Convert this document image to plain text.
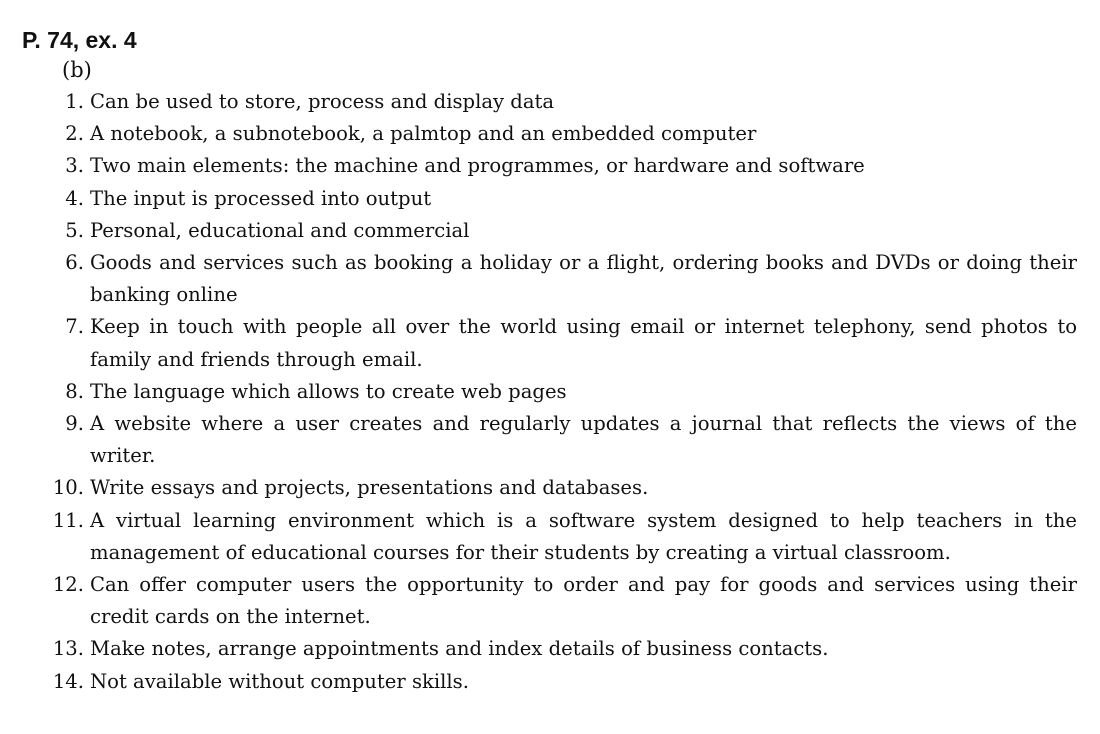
P. 74, ex. 4
(b)
1. Can be used to store, process and display data
2. A notebook, a subnotebook, a palmtop and an embedded computer
3. Two main elements: the machine and programmes, or hardware and software
4. The input is processed into output
5. Personal, educational and commercial
6. Goods and services such as booking a holiday or a flight, ordering books and DVDs or doing their banking online
7. Keep in touch with people all over the world using email or internet telephony, send photos to family and friends through email.
8. The language which allows to create web pages
9. A website where a user creates and regularly updates a journal that reflects the views of the writer.
10. Write essays and projects, presentations and databases.
11. A virtual learning environment which is a software system designed to help teachers in the management of educational courses for their students by creating a virtual classroom.
12. Can offer computer users the opportunity to order and pay for goods and services using their credit cards on the internet.
13. Make notes, arrange appointments and index details of business contacts.
14. Not available without computer skills.
